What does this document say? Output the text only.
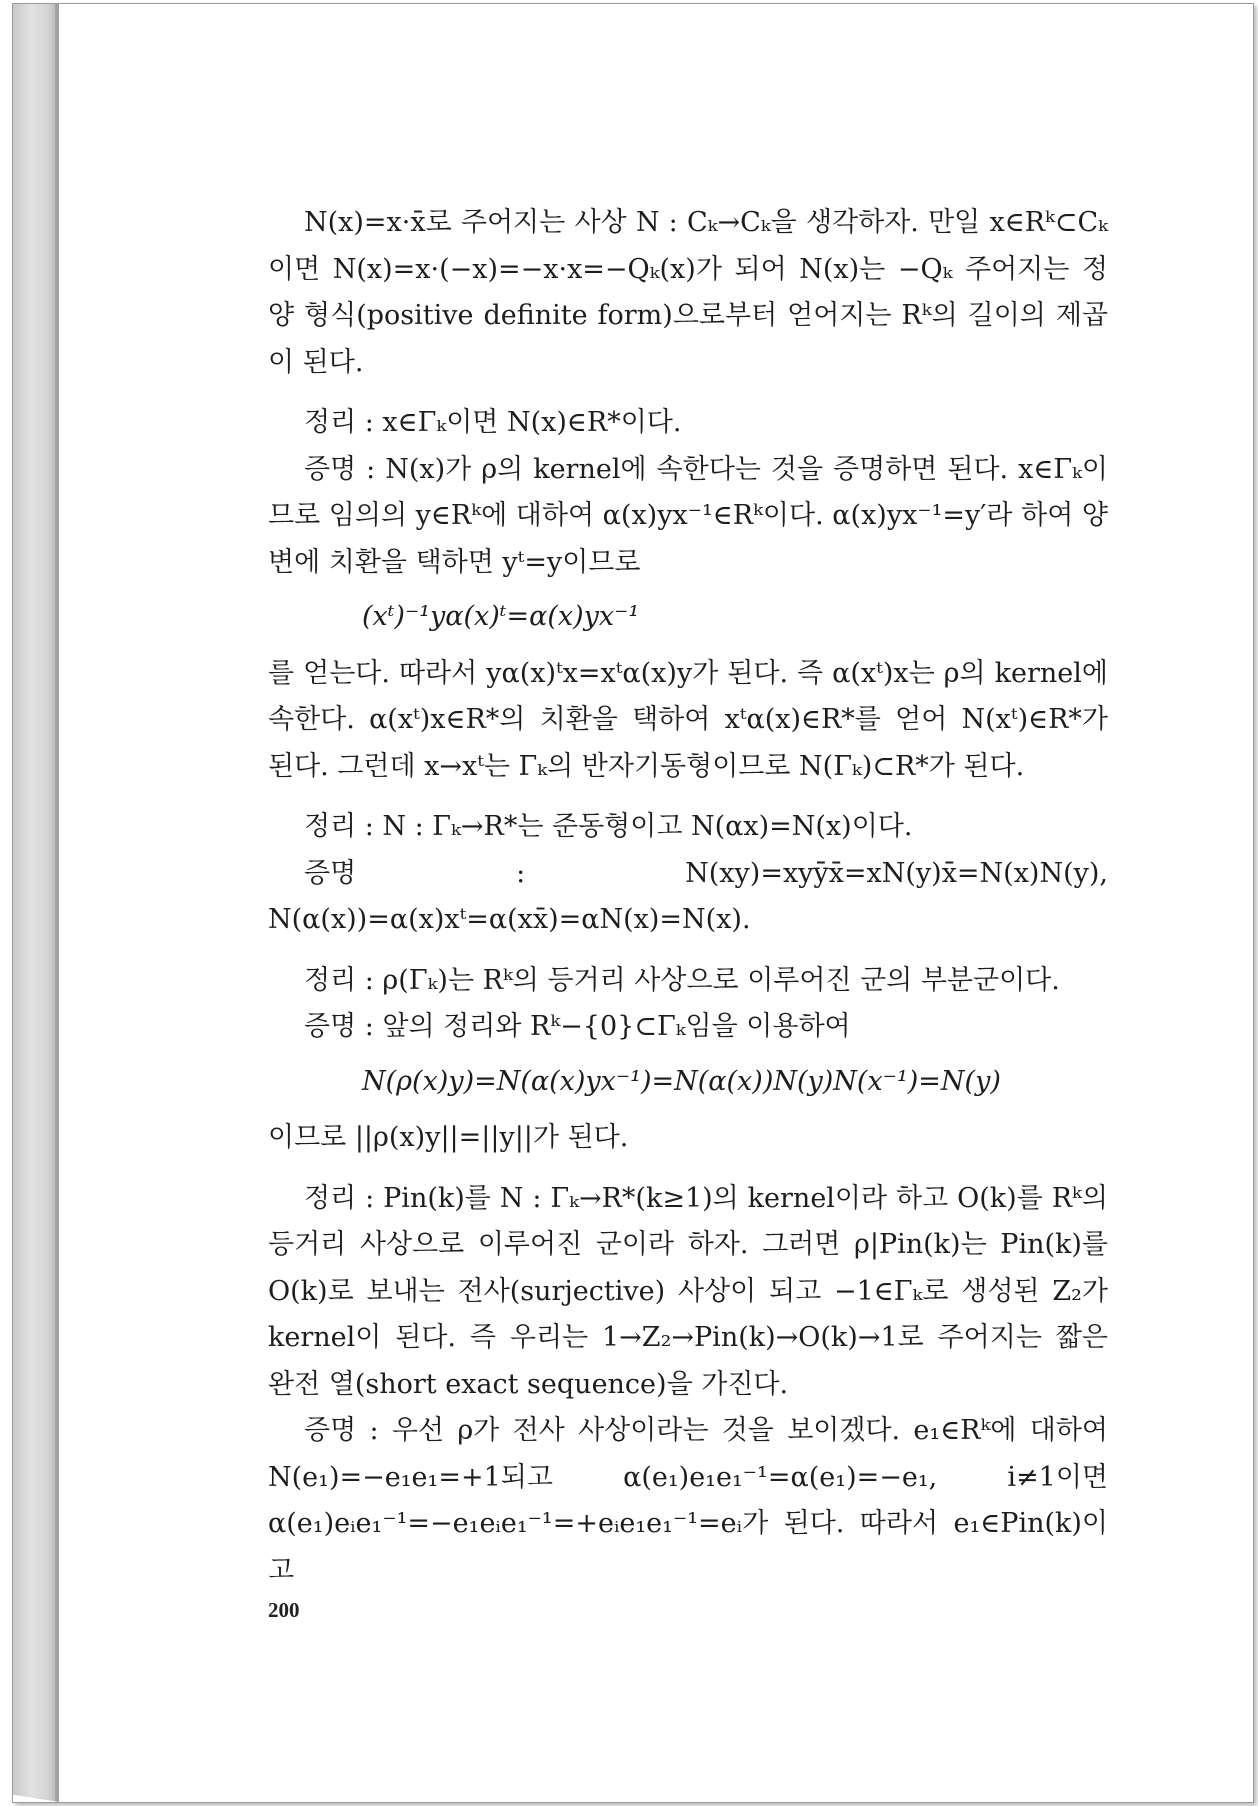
N(x)=x·x̄로 주어지는 사상 N : Cₖ→Cₖ을 생각하자. 만일 x∈Rᵏ⊂Cₖ이면 N(x)=x·(−x)=−x·x=−Qₖ(x)가 되어 N(x)는 −Qₖ 주어지는 정양 형식(positive definite form)으로부터 얻어지는 Rᵏ의 길이의 제곱이 된다.

정리 : x∈Γₖ이면 N(x)∈R*이다.

증명 : N(x)가 ρ의 kernel에 속한다는 것을 증명하면 된다. x∈Γₖ이므로 임의의 y∈Rᵏ에 대하여 α(x)yx⁻¹∈Rᵏ이다. α(x)yx⁻¹=y′라 하여 양변에 치환을 택하면 yᵗ=y이므로

(xᵗ)⁻¹yα(x)ᵗ=α(x)yx⁻¹

를 얻는다. 따라서 yα(x)ᵗx=xᵗα(x)y가 된다. 즉 α(xᵗ)x는 ρ의 kernel에 속한다. α(xᵗ)x∈R*의 치환을 택하여 xᵗα(x)∈R*를 얻어 N(xᵗ)∈R*가 된다. 그런데 x→xᵗ는 Γₖ의 반자기동형이므로 N(Γₖ)⊂R*가 된다.

정리 : N : Γₖ→R*는 준동형이고 N(αx)=N(x)이다.

증명 : N(xy)=xyȳx̄=xN(y)x̄=N(x)N(y), N(α(x))=α(x)xᵗ=α(xx̄)=αN(x)=N(x).

정리 : ρ(Γₖ)는 Rᵏ의 등거리 사상으로 이루어진 군의 부분군이다.

증명 : 앞의 정리와 Rᵏ−{0}⊂Γₖ임을 이용하여

N(ρ(x)y)=N(α(x)yx⁻¹)=N(α(x))N(y)N(x⁻¹)=N(y)

이므로 ||ρ(x)y||=||y||가 된다.

정리 : Pin(k)를 N : Γₖ→R*(k≥1)의 kernel이라 하고 O(k)를 Rᵏ의 등거리 사상으로 이루어진 군이라 하자. 그러면 ρ|Pin(k)는 Pin(k)를 O(k)로 보내는 전사(surjective) 사상이 되고 −1∈Γₖ로 생성된 Z₂가 kernel이 된다. 즉 우리는 1→Z₂→Pin(k)→O(k)→1로 주어지는 짧은 완전 열(short exact sequence)을 가진다.

증명 : 우선 ρ가 전사 사상이라는 것을 보이겠다. e₁∈Rᵏ에 대하여 N(e₁)=−e₁e₁=+1되고 α(e₁)e₁e₁⁻¹=α(e₁)=−e₁, i≠1이면 α(e₁)eᵢe₁⁻¹=−e₁eᵢe₁⁻¹=+eᵢe₁e₁⁻¹=eᵢ가 된다. 따라서 e₁∈Pin(k)이고

200
